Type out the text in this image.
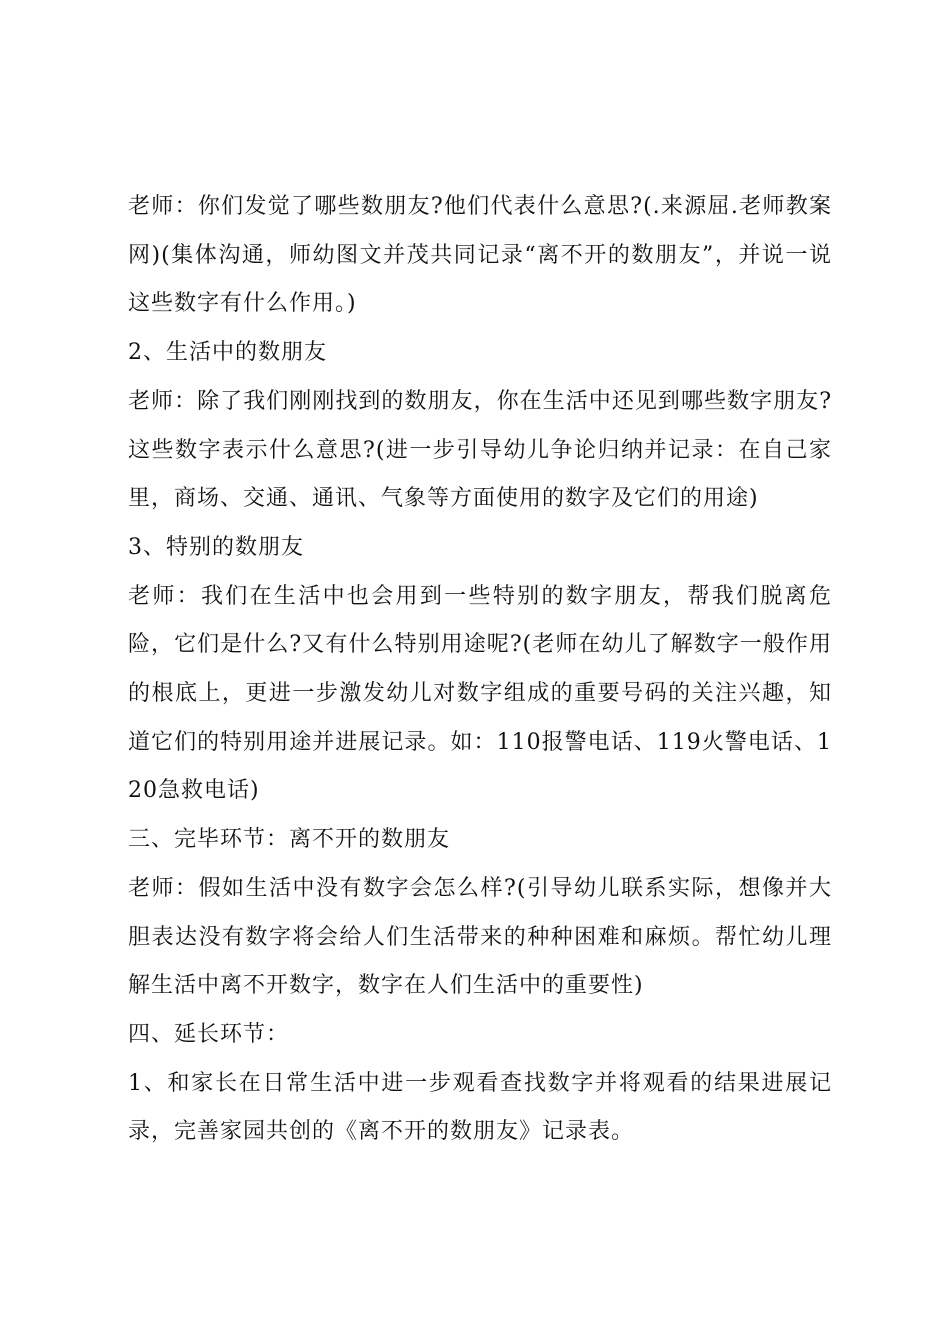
老师：你们发觉了哪些数朋友?他们代表什么意思?(.来源屈.老师教案网)(集体沟通，师幼图文并茂共同记录“离不开的数朋友”，并说一说这些数字有什么作用。)

2、生活中的数朋友

老师：除了我们刚刚找到的数朋友，你在生活中还见到哪些数字朋友?这些数字表示什么意思?(进一步引导幼儿争论归纳并记录：在自己家里，商场、交通、通讯、气象等方面使用的数字及它们的用途)

3、特别的数朋友

老师：我们在生活中也会用到一些特别的数字朋友，帮我们脱离危险，它们是什么?又有什么特别用途呢?(老师在幼儿了解数字一般作用的根底上，更进一步激发幼儿对数字组成的重要号码的关注兴趣，知道它们的特别用途并进展记录。如：110报警电话、119火警电话、120急救电话)

三、完毕环节：离不开的数朋友

老师：假如生活中没有数字会怎么样?(引导幼儿联系实际，想像并大胆表达没有数字将会给人们生活带来的种种困难和麻烦。帮忙幼儿理解生活中离不开数字，数字在人们生活中的重要性)

四、延长环节：

1、和家长在日常生活中进一步观看查找数字并将观看的结果进展记录，完善家园共创的《离不开的数朋友》记录表。
